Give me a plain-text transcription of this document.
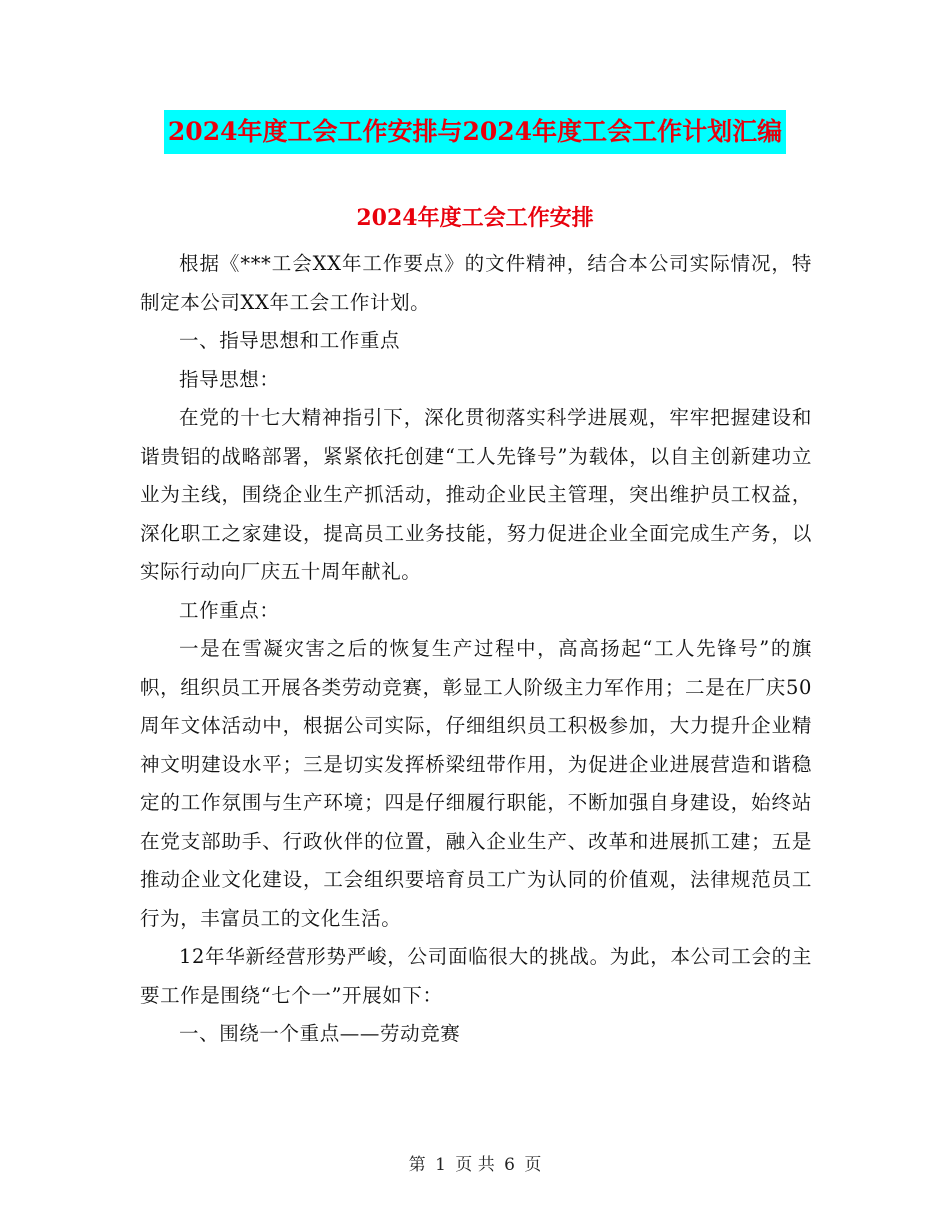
2024年度工会工作安排与2024年度工会工作计划汇编
2024年度工会工作安排

根据《***工会XX年工作要点》的文件精神，结合本公司实际情况，特制定本公司XX年工会工作计划。

一、指导思想和工作重点

指导思想：

在党的十七大精神指引下，深化贯彻落实科学进展观，牢牢把握建设和谐贵铝的战略部署，紧紧依托创建“工人先锋号”为载体，以自主创新建功立业为主线，围绕企业生产抓活动，推动企业民主管理，突出维护员工权益，深化职工之家建设，提高员工业务技能，努力促进企业全面完成生产务，以实际行动向厂庆五十周年献礼。

工作重点：

一是在雪凝灾害之后的恢复生产过程中，高高扬起“工人先锋号”的旗帜，组织员工开展各类劳动竞赛，彰显工人阶级主力军作用；二是在厂庆50周年文体活动中，根据公司实际，仔细组织员工积极参加，大力提升企业精神文明建设水平；三是切实发挥桥梁纽带作用，为促进企业进展营造和谐稳定的工作氛围与生产环境；四是仔细履行职能，不断加强自身建设，始终站在党支部助手、行政伙伴的位置，融入企业生产、改革和进展抓工建；五是推动企业文化建设，工会组织要培育员工广为认同的价值观，法律规范员工行为，丰富员工的文化生活。

12年华新经营形势严峻，公司面临很大的挑战。为此，本公司工会的主要工作是围绕“七个一”开展如下：

一、围绕一个重点——劳动竞赛

第 1 页 共 6 页
